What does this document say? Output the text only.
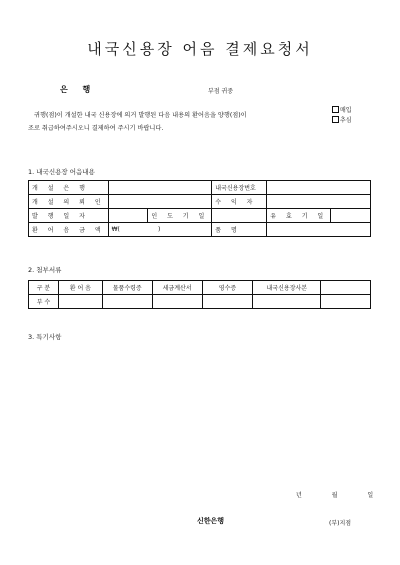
내국신용장 어음 결제요청서
은 행	부점 귀중
매입
추심
귀행(점)이 개설한 내국 신용장에 의거 발행된 다음 내용의 환어음을 양행(점)이
조로 취급하여주시오니 결제하여 주시기 바랍니다.
1. 내국신용장 어음내용
개 설 은 행			내국신용장번호		
개 설 의 뢰 인			수 익 자		
발 행 일 자		인 도 기 일		유 효 기 일	
환 어 음 금 액	₩(                    )		품 명		
2. 첨부서류
구 분	환 어 음	물품수령증	세금계산서	영수증	내국신용장사본	
부 수						
3. 특기사항
년 월 일
신한은행	(부)지점
